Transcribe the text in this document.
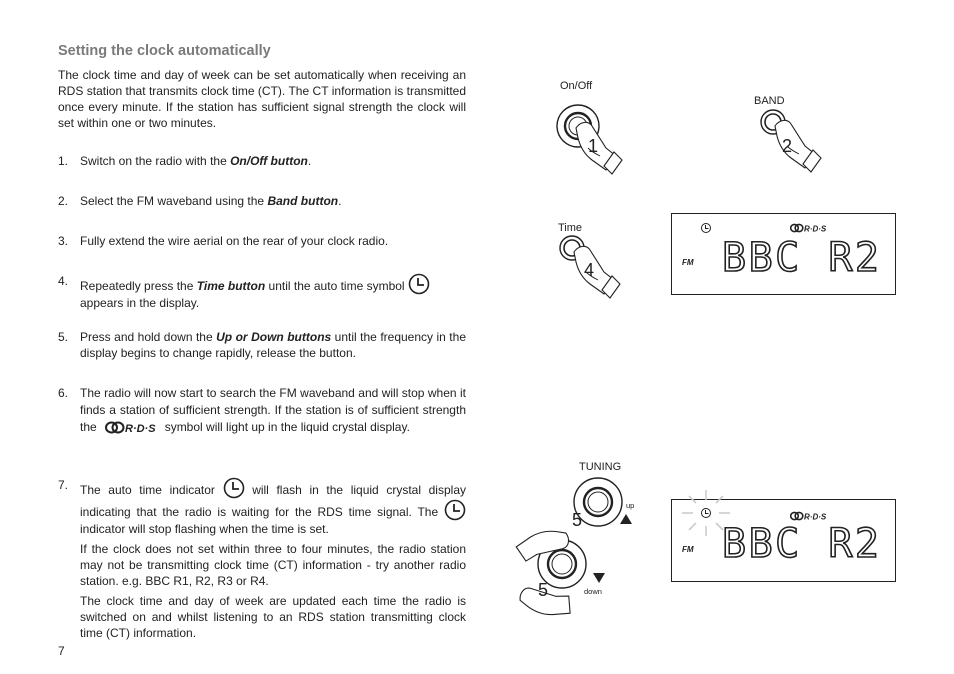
Setting the clock automatically
The clock time and day of week can be set automatically when receiving an RDS station that transmits clock time (CT). The CT information is transmitted once every minute. If the station has sufficient signal strength the clock will set within one or two minutes.
1. Switch on the radio with the On/Off button.
2. Select the FM waveband using the Band button.
3. Fully extend the wire aerial on the rear of your clock radio.
4. Repeatedly press the Time button until the auto time symbol
appears in the display.
5. Press and hold down the Up or Down buttons until the frequency in the display begins to change rapidly, release the button.
6. The radio will now start to search the FM waveband and will stop when it finds a station of sufficient strength. If the station is of sufficient strength the	R·D·S symbol will light up in the liquid crystal display.
7. The auto time indicator	will flash in the liquid crystal display indicating that the radio is waiting for the RDS time signal. The  indicator will stop flashing when the time is set.

If the clock does not set within three to four minutes, the radio station may not be transmitting clock time (CT) information - try another radio station. e.g. BBC R1, R2, R3 or R4.

The clock time and day of week are updated each time the radio is switched on and whilst listening to an RDS station transmitting clock time (CT) information.

7
On/Off
1
BAND
2
Time
4
R·D·S
FM BBC R2
TUNING
up
down
5
5
R·D·S
FM BBC R2
